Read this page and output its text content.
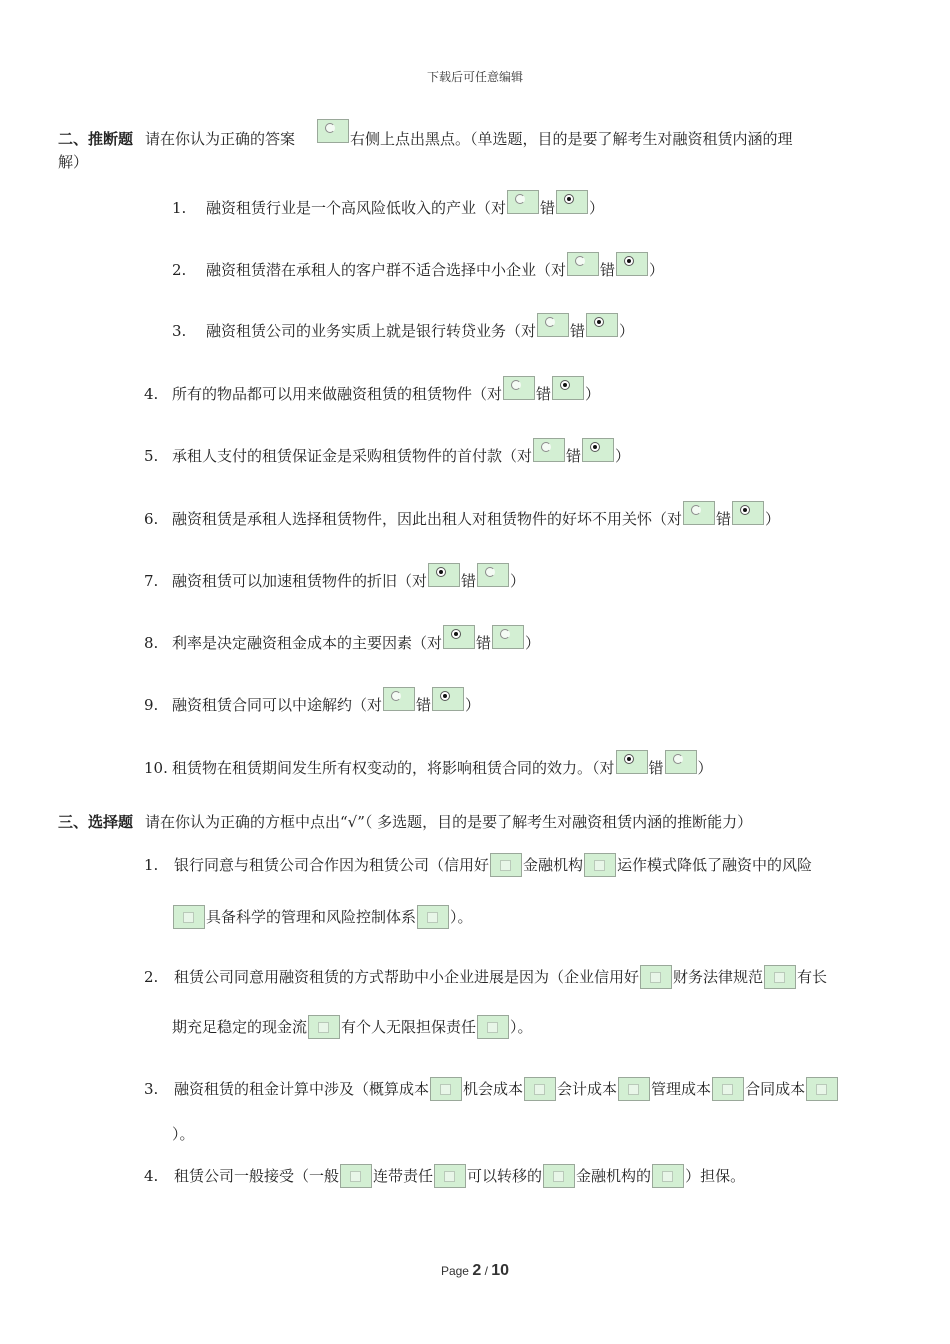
下载后可任意编辑
二、推断题 请在你认为正确的答案	右侧上点出黑点。（单选题，目的是要了解考生对融资租赁内涵的理
解）
1.	融资租赁行业是一个高风险低收入的产业（ 对 错 ）
2.	融资租赁潜在承租人的客户群不适合选择中小企业（ 对 错 ）
3.	融资租赁公司的业务实质上就是银行转贷业务（ 对 错 ）
4. 所有的物品都可以用来做融资租赁的租赁物件（ 对 错 ）
5. 承租人支付的租赁保证金是采购租赁物件的首付款（ 对 错 ）
6. 融资租赁是承租人选择租赁物件，因此出租人对租赁物件的好坏不用关怀（ 对 错 ）
7. 融资租赁可以加速租赁物件的折旧（ 对 错 ）
8. 利率是决定融资租金成本的主要因素（ 对 错 ）
9. 融资租赁合同可以中途解约（ 对 错 ）
10. 租赁物在租赁期间发生所有权变动的，将影响租赁合同的效力。（ 对 错 ）
三、选择题 请在你认为正确的方框中点出“√”（ 多选题，目的是要了解考生对融资租赁内涵的推断能力）
1.	银行同意与租赁公司合作因为租赁公司（信用好 金融机构 运作模式降低了融资中的风险
具备科学的管理和风险控制体系 ）。
2.	租赁公司同意用融资租赁的方式帮助中小企业进展是因为（企业信用好 财务法律规范 有长
期充足稳定的现金流 有个人无限担保责任 ）。
3.	融资租赁的租金计算中涉及（概算成本 机会成本 会计成本 管理成本 合同成本
）。
4.	租赁公司一般接受（一般 连带责任 可以转移的 金融机构的 ）担保。
Page 2 / 10
